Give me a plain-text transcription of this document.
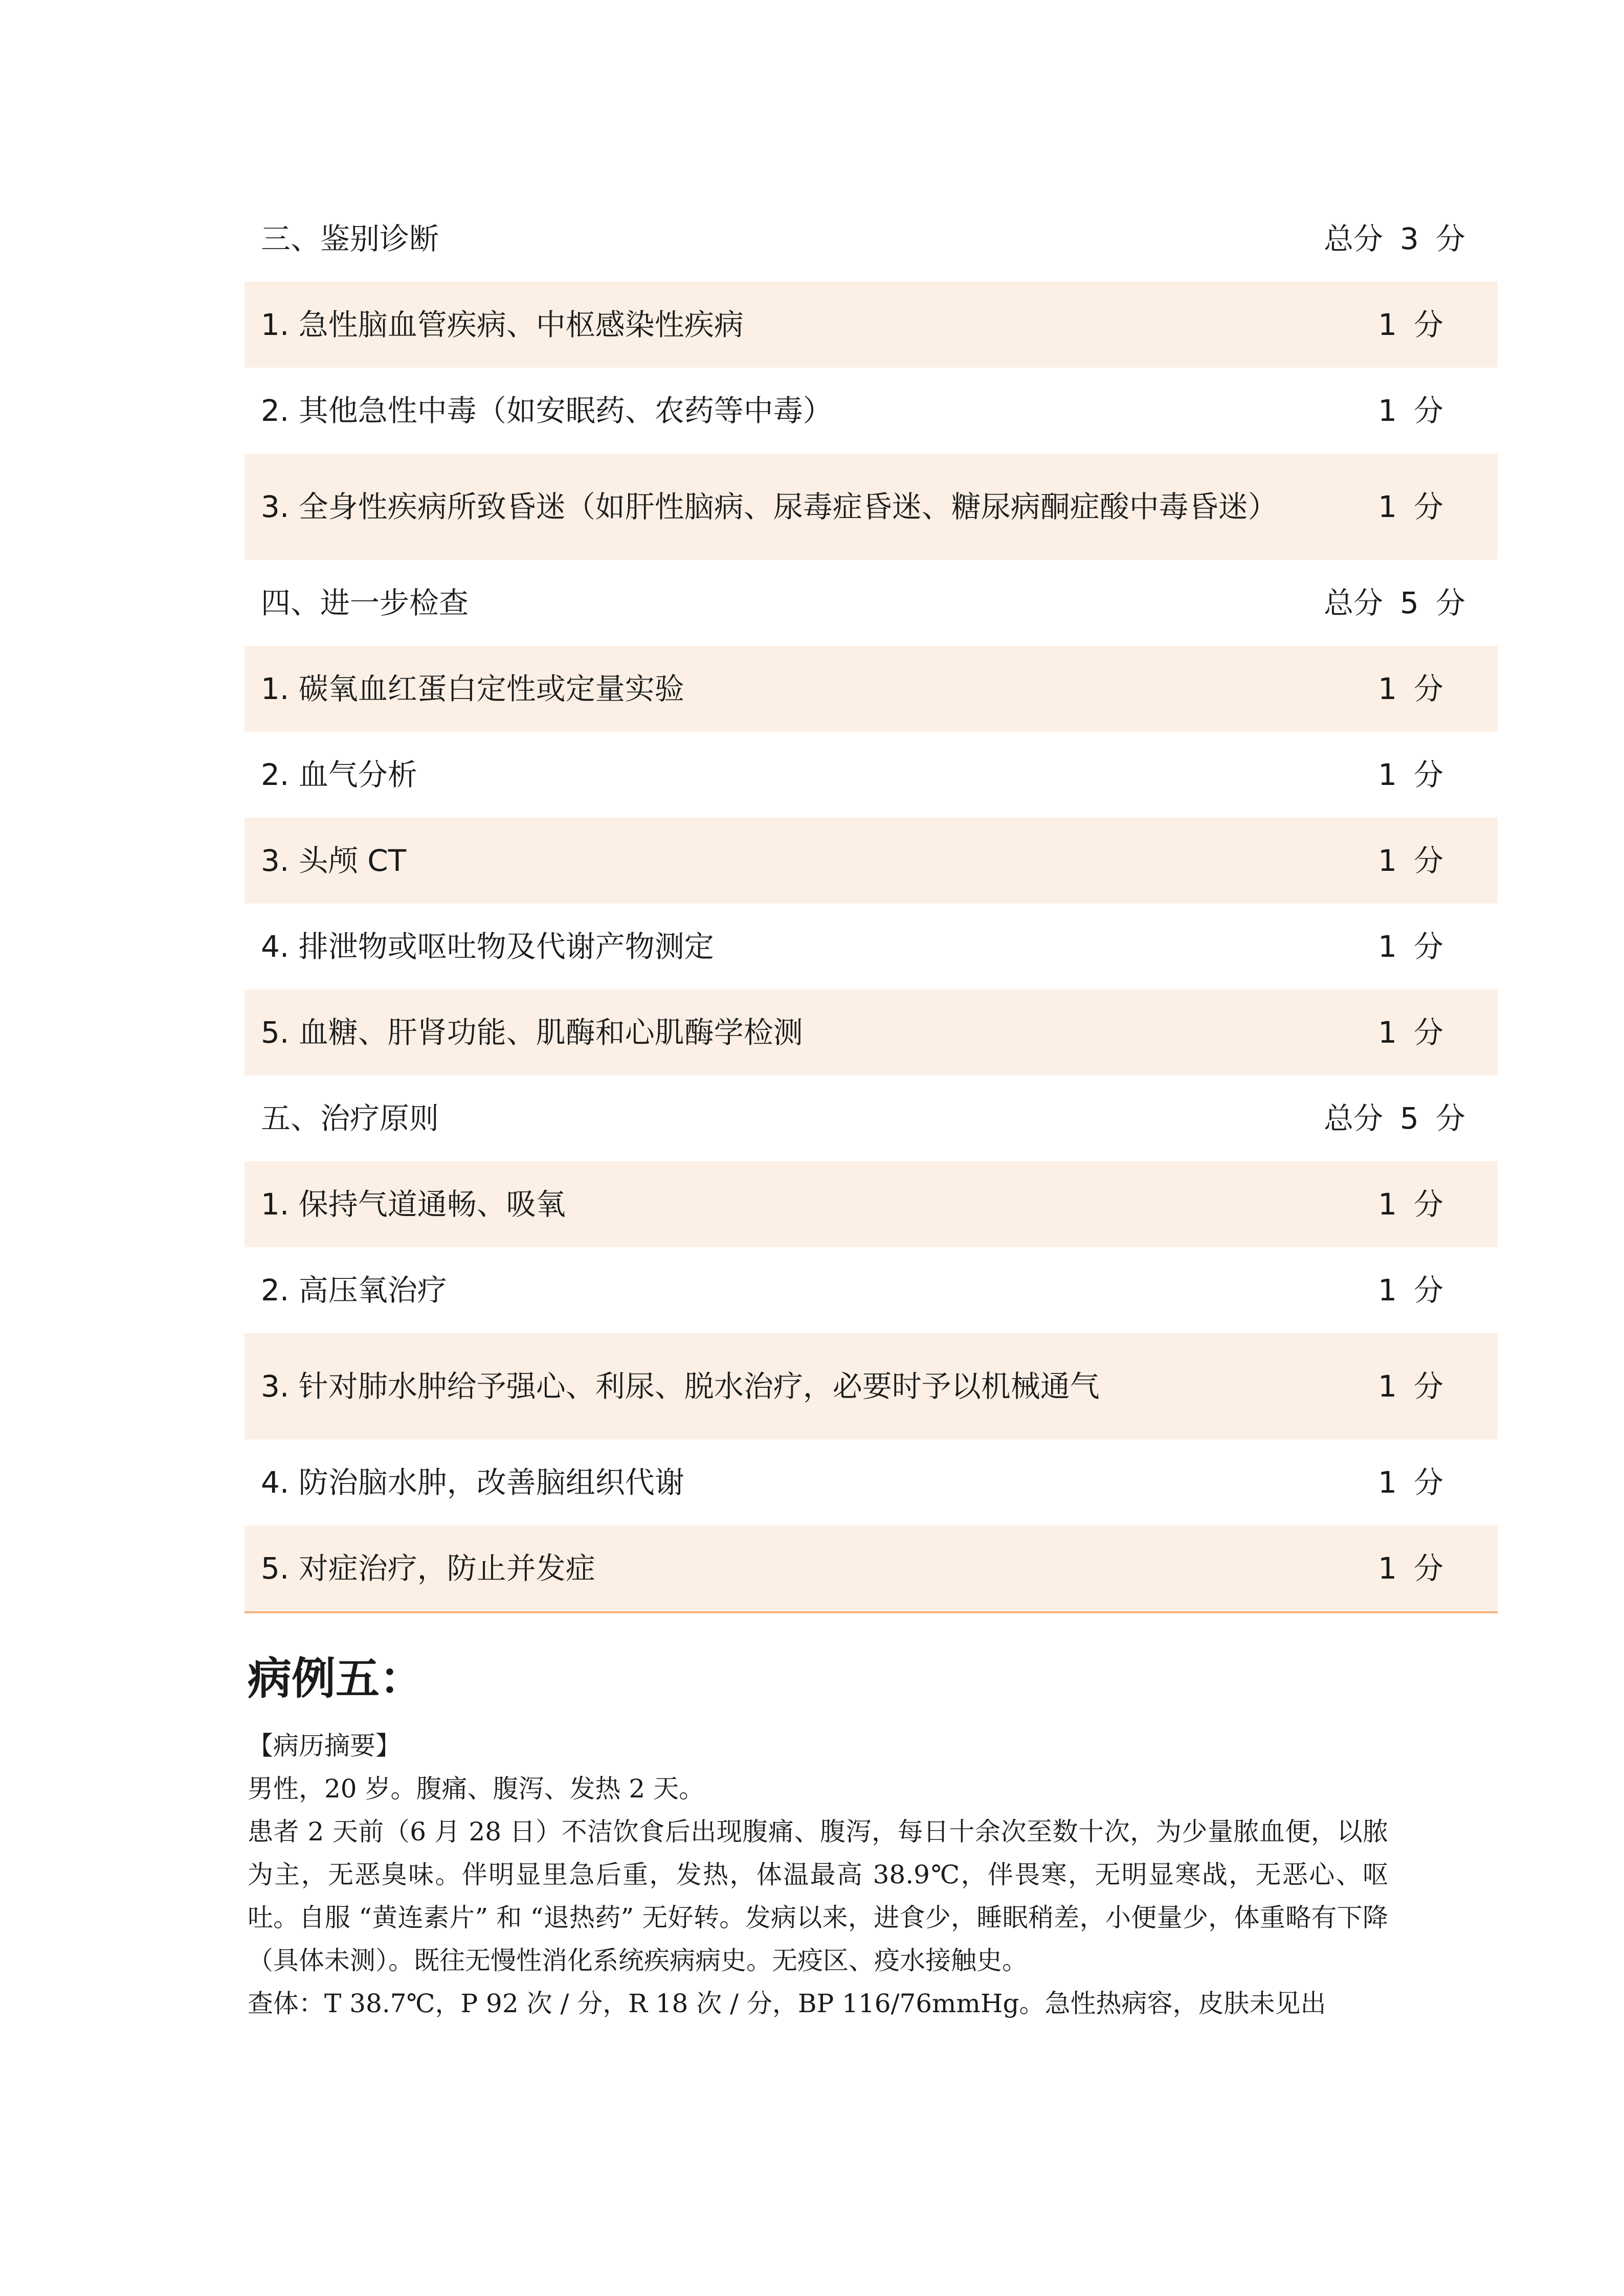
三、鉴别诊断	总分 3 分
1. 急性脑血管疾病、中枢感染性疾病	1 分
2. 其他急性中毒（如安眠药、农药等中毒）	1 分
3. 全身性疾病所致昏迷（如肝性脑病、尿毒症昏迷、糖尿病酮症酸中毒昏迷）	1 分
四、进一步检查	总分 5 分
1. 碳氧血红蛋白定性或定量实验	1 分
2. 血气分析	1 分
3. 头颅 CT	1 分
4. 排泄物或呕吐物及代谢产物测定	1 分
5. 血糖、肝肾功能、肌酶和心肌酶学检测	1 分
五、治疗原则	总分 5 分
1. 保持气道通畅、吸氧	1 分
2. 高压氧治疗	1 分
3. 针对肺水肿给予强心、利尿、脱水治疗，必要时予以机械通气	1 分
4. 防治脑水肿，改善脑组织代谢	1 分
5. 对症治疗，防止并发症	1 分
病例五：

【病历摘要】

男性，20 岁。腹痛、腹泻、发热 2 天。

患者 2 天前（6 月 28 日）不洁饮食后出现腹痛、腹泻，每日十余次至数十次，为少量脓血便，以脓为主，无恶臭味。伴明显里急后重，发热，体温最高 38.9℃，伴畏寒，无明显寒战，无恶心、呕吐。自服 “黄连素片” 和 “退热药” 无好转。发病以来，进食少，睡眠稍差，小便量少，体重略有下降（具体未测）。既往无慢性消化系统疾病病史。无疫区、疫水接触史。

查体：T 38.7℃，P 92 次 / 分，R 18 次 / 分，BP 116/76mmHg。急性热病容，皮肤未见出
